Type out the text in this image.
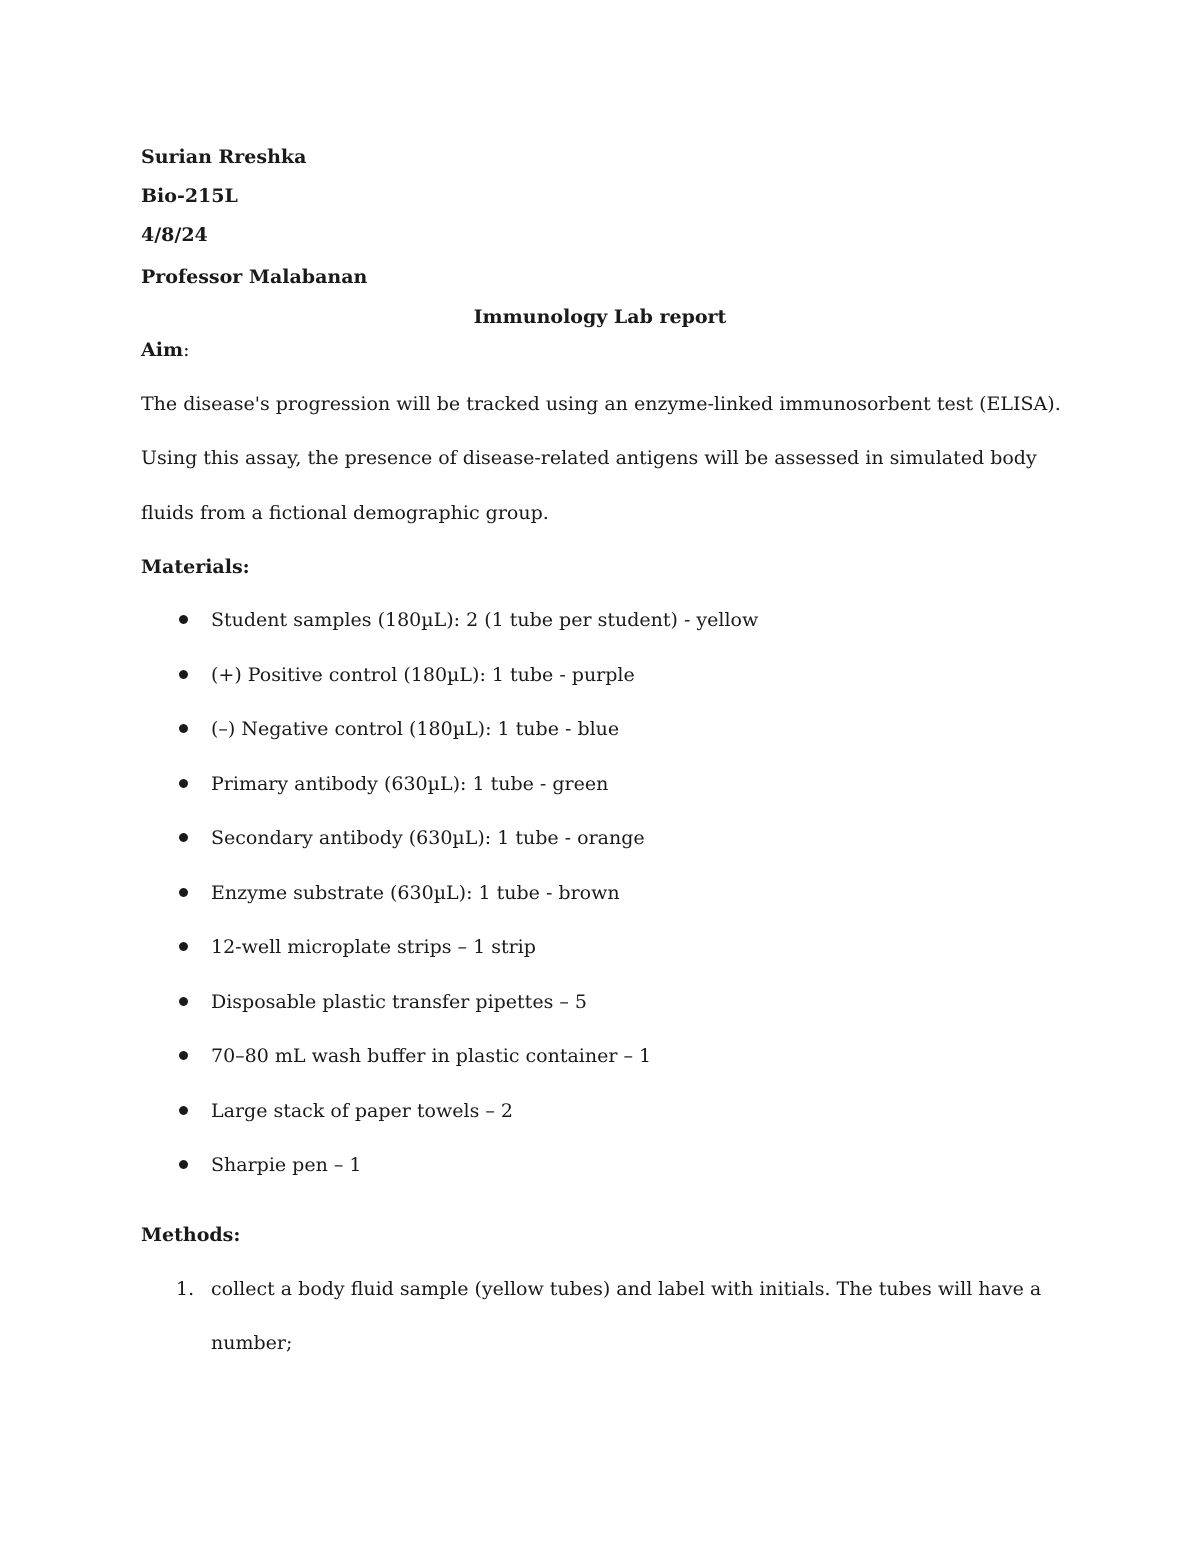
Surian Rreshka
Bio-215L
4/8/24
Professor Malabanan
Immunology Lab report
Aim:
The disease's progression will be tracked using an enzyme-linked immunosorbent test (ELISA).
Using this assay, the presence of disease-related antigens will be assessed in simulated body
fluids from a fictional demographic group.
Materials:
Student samples (180µL): 2 (1 tube per student) - yellow
(+) Positive control (180µL): 1 tube - purple
(–) Negative control (180µL): 1 tube - blue
Primary antibody (630µL): 1 tube - green
Secondary antibody (630µL): 1 tube - orange
Enzyme substrate (630µL): 1 tube - brown
12-well microplate strips – 1 strip
Disposable plastic transfer pipettes – 5
70–80 mL wash buffer in plastic container – 1
Large stack of paper towels – 2
Sharpie pen – 1
Methods:
1. collect a body fluid sample (yellow tubes) and label with initials. The tubes will have a
number;
